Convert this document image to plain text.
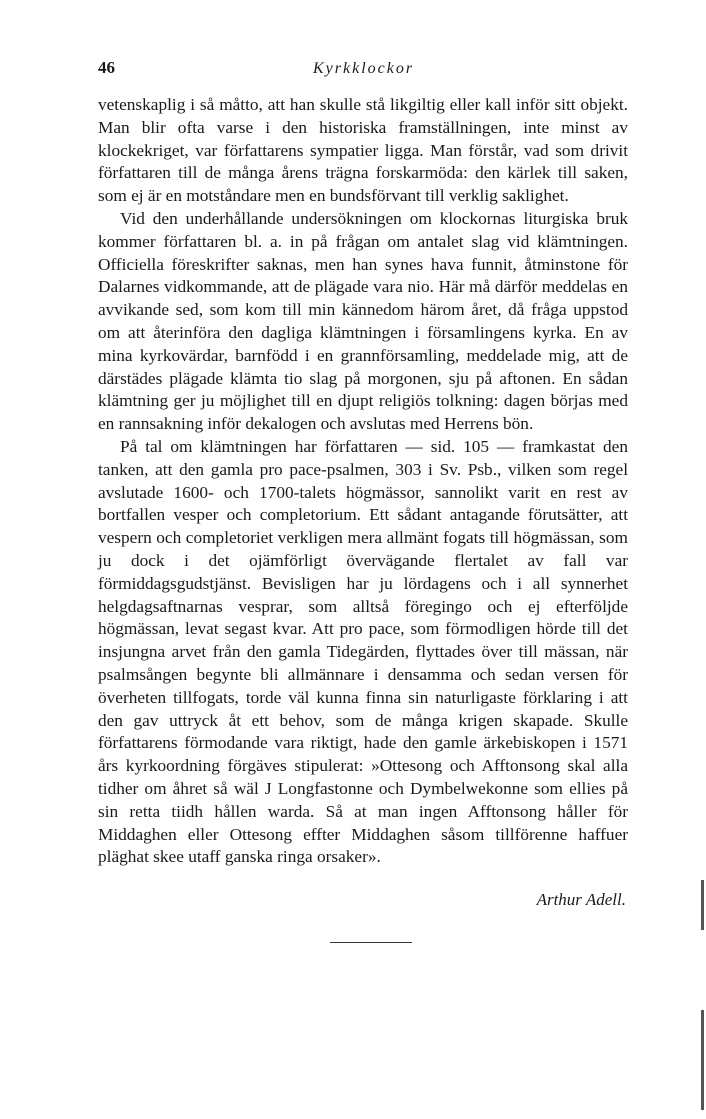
46	Kyrkklockor

vetenskaplig i så måtto, att han skulle stå likgiltig eller kall inför sitt objekt. Man blir ofta varse i den historiska framställningen, inte minst av klockekriget, var författarens sympatier ligga. Man förstår, vad som drivit författaren till de många årens trägna forskarmöda: den kärlek till saken, som ej är en motståndare men en bundsförvant till verklig saklighet.

Vid den underhållande undersökningen om klockornas liturgiska bruk kommer författaren bl. a. in på frågan om antalet slag vid klämtningen. Officiella föreskrifter saknas, men han synes hava funnit, åtminstone för Dalarnes vidkommande, att de plägade vara nio. Här må därför meddelas en avvikande sed, som kom till min kännedom härom året, då fråga uppstod om att återinföra den dagliga klämtningen i församlingens kyrka. En av mina kyrkovärdar, barnfödd i en grannförsamling, meddelade mig, att de därstädes plägade klämta tio slag på morgonen, sju på aftonen. En sådan klämtning ger ju möjlighet till en djupt religiös tolkning: dagen börjas med en rannsakning inför dekalogen och avslutas med Herrens bön.

På tal om klämtningen har författaren — sid. 105 — framkastat den tanken, att den gamla pro pace-psalmen, 303 i Sv. Psb., vilken som regel avslutade 1600- och 1700-talets högmässor, sannolikt varit en rest av bortfallen vesper och completorium. Ett sådant antagande förutsätter, att vespern och completoriet verkligen mera allmänt fogats till högmässan, som ju dock i det ojämförligt övervägande flertalet av fall var förmiddagsgudstjänst. Bevisligen har ju lördagens och i all synnerhet helgdagsaftnarnas vesprar, som alltså föregingo och ej efterföljde högmässan, levat segast kvar. Att pro pace, som förmodligen hörde till det insjungna arvet från den gamla Tidegärden, flyttades över till mässan, när psalmsången begynte bli allmännare i densamma och sedan versen för överheten tillfogats, torde väl kunna finna sin naturligaste förklaring i att den gav uttryck åt ett behov, som de många krigen skapade. Skulle författarens förmodande vara riktigt, hade den gamle ärkebiskopen i 1571 års kyrkoordning förgäves stipulerat: »Ottesong och Afftonsong skal alla tidher om åhret så wäl J Longfastonne och Dymbelwekonne som ellies på sin retta tiidh hållen warda. Så at man ingen Afftonsong håller för Middaghen eller Ottesong effter Middaghen såsom tillförenne haffuer pläghat skee utaff ganska ringa orsaker».

Arthur Adell.
